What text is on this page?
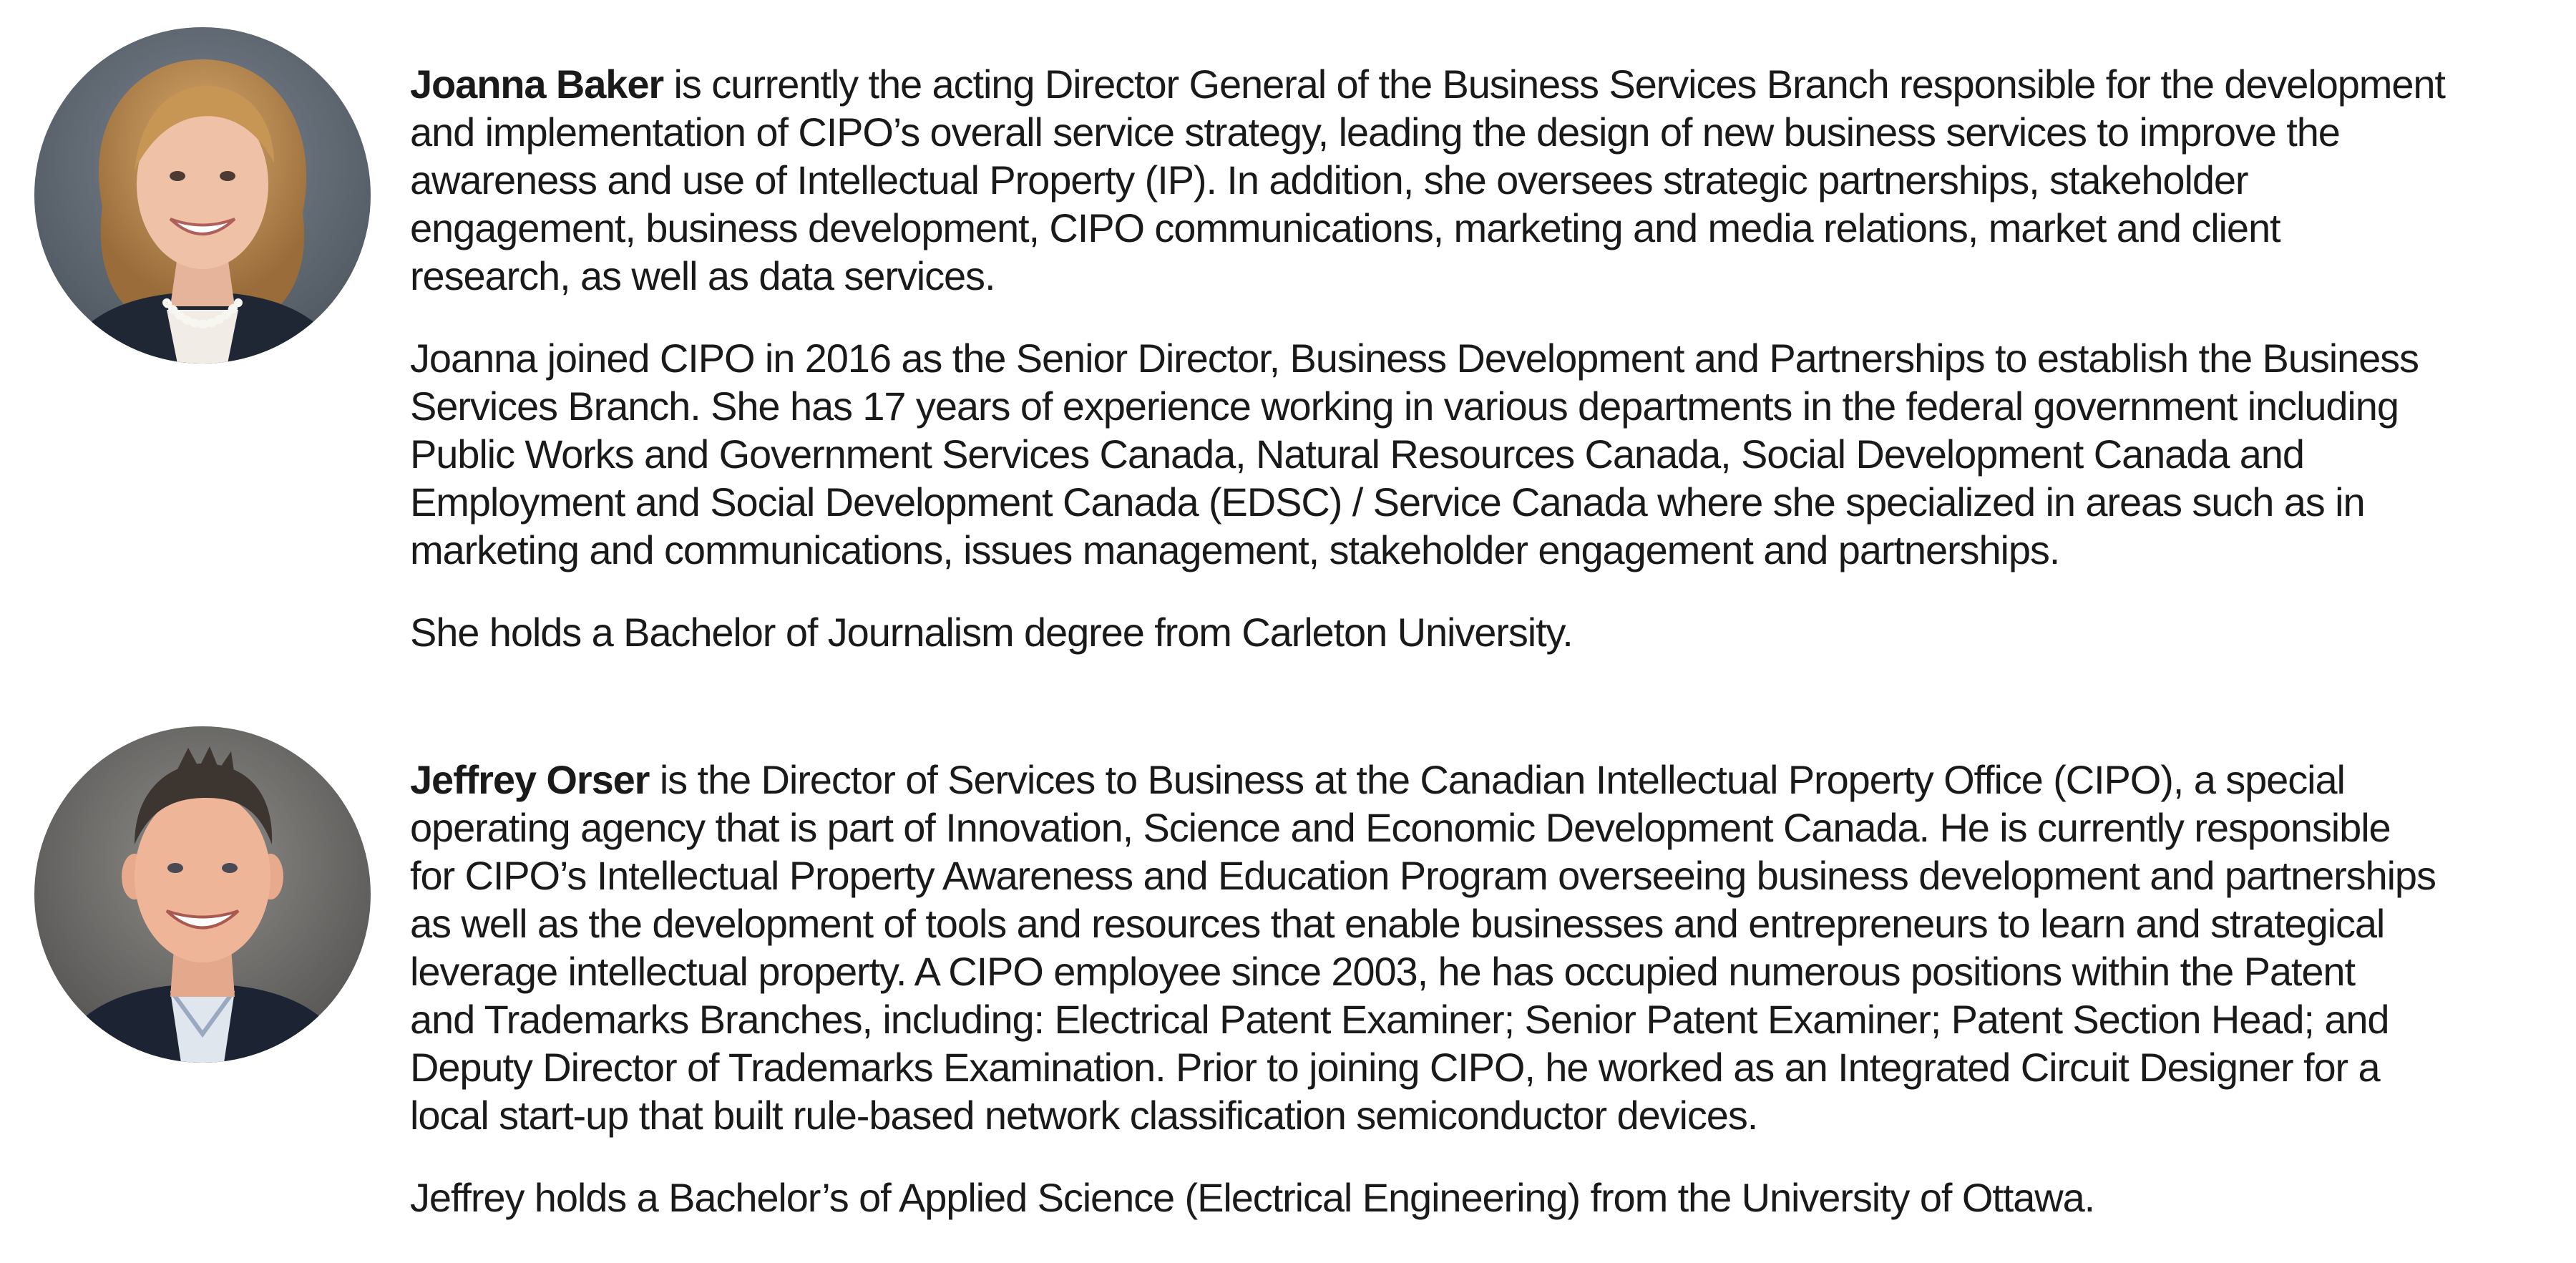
Joanna Baker is currently the acting Director General of the Business Services Branch responsible for the development
and implementation of CIPO’s overall service strategy, leading the design of new business services to improve the
awareness and use of Intellectual Property (IP). In addition, she oversees strategic partnerships, stakeholder
engagement, business development, CIPO communications, marketing and media relations, market and client
research, as well as data services.

Joanna joined CIPO in 2016 as the Senior Director, Business Development and Partnerships to establish the Business
Services Branch. She has 17 years of experience working in various departments in the federal government including
Public Works and Government Services Canada, Natural Resources Canada, Social Development Canada and
Employment and Social Development Canada (EDSC) / Service Canada where she specialized in areas such as in
marketing and communications, issues management, stakeholder engagement and partnerships.

She holds a Bachelor of Journalism degree from Carleton University.

Jeffrey Orser is the Director of Services to Business at the Canadian Intellectual Property Office (CIPO), a special
operating agency that is part of Innovation, Science and Economic Development Canada. He is currently responsible
for CIPO’s Intellectual Property Awareness and Education Program overseeing business development and partnerships
as well as the development of tools and resources that enable businesses and entrepreneurs to learn and strategical
leverage intellectual property. A CIPO employee since 2003, he has occupied numerous positions within the Patent
and Trademarks Branches, including: Electrical Patent Examiner; Senior Patent Examiner; Patent Section Head; and
Deputy Director of Trademarks Examination. Prior to joining CIPO, he worked as an Integrated Circuit Designer for a
local start-up that built rule-based network classification semiconductor devices.

Jeffrey holds a Bachelor’s of Applied Science (Electrical Engineering) from the University of Ottawa.
